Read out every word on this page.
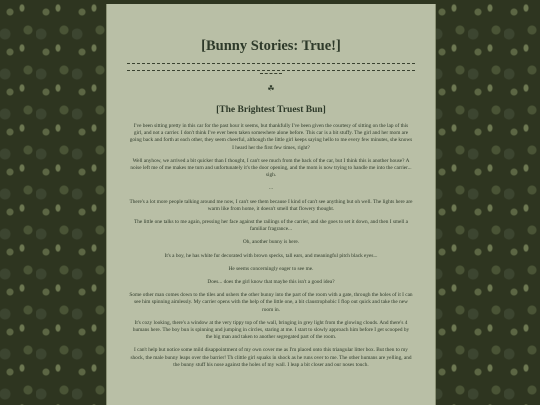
[Bunny Stories: True!]
☘
[The Brightest Truest Bun]

I've been sitting pretty in this car for the past hour it seems, but thankfully I've been given the courtesy of sitting on the lap of this girl, and not a carrier. I don't think I've ever been taken somewhere alone before. This car is a bit stuffy. The girl and her mom are going back and forth at each other, they seem cheerful, although the little girl keeps saying hello to me every few minutes, she knows I heard her the first few times, right?

Well anyhow, we arrived a bit quicker than I thought, I can't see much from the back of the car, but I think this is another house? A noise left me of me makes me turn and unfortunately it's the door opening, and the mom is now trying to handle me into the carrier... sigh.

...

There's a lot more people talking around me now, I can't see them because I kind of can't see anything but oh well. The lights here are warm like from home, it doesn't smell that flowery thought.

The little one talks to me again, pressing her face against the railings of the carrier, and she goes to set it down, and then I smell a familiar fragrance...

Oh, another bunny is here.

It's a boy, he has white fur decorated with brown specks, tall ears, and meaningful pitch black eyes...

He seems concerningly eager to see me.

Does... does the girl know that maybe this isn't a good idea?

Some other man comes down to the tiles and ushers the other bunny into the part of the room with a gate, through the holes of it I can see him spinning aimlessly. My carrier opens with the help of the little one, a bit claustrophobic I flop out quick and take the new room in.

It's cozy looking, there's a window at the very tippy top of the wall, bringing in grey light from the glowing clouds. And there's 4 humans here. The boy bun is spinning and jumping in circles, staring at me. I start to slowly approach him before I get scooped by the big man and taken to another segregated part of the room.

I can't help but notice some mild disappointment of my own cover me as I'm placed onto this triangular litter box. But then to my shock, the male bunny leaps over the barrier! Th clittle girl squaks in shock as he runs over to me. The other humans are yelling, and the bunny stuff his nose against the holes of my wall. I leap a bit closer and our noses touch.
